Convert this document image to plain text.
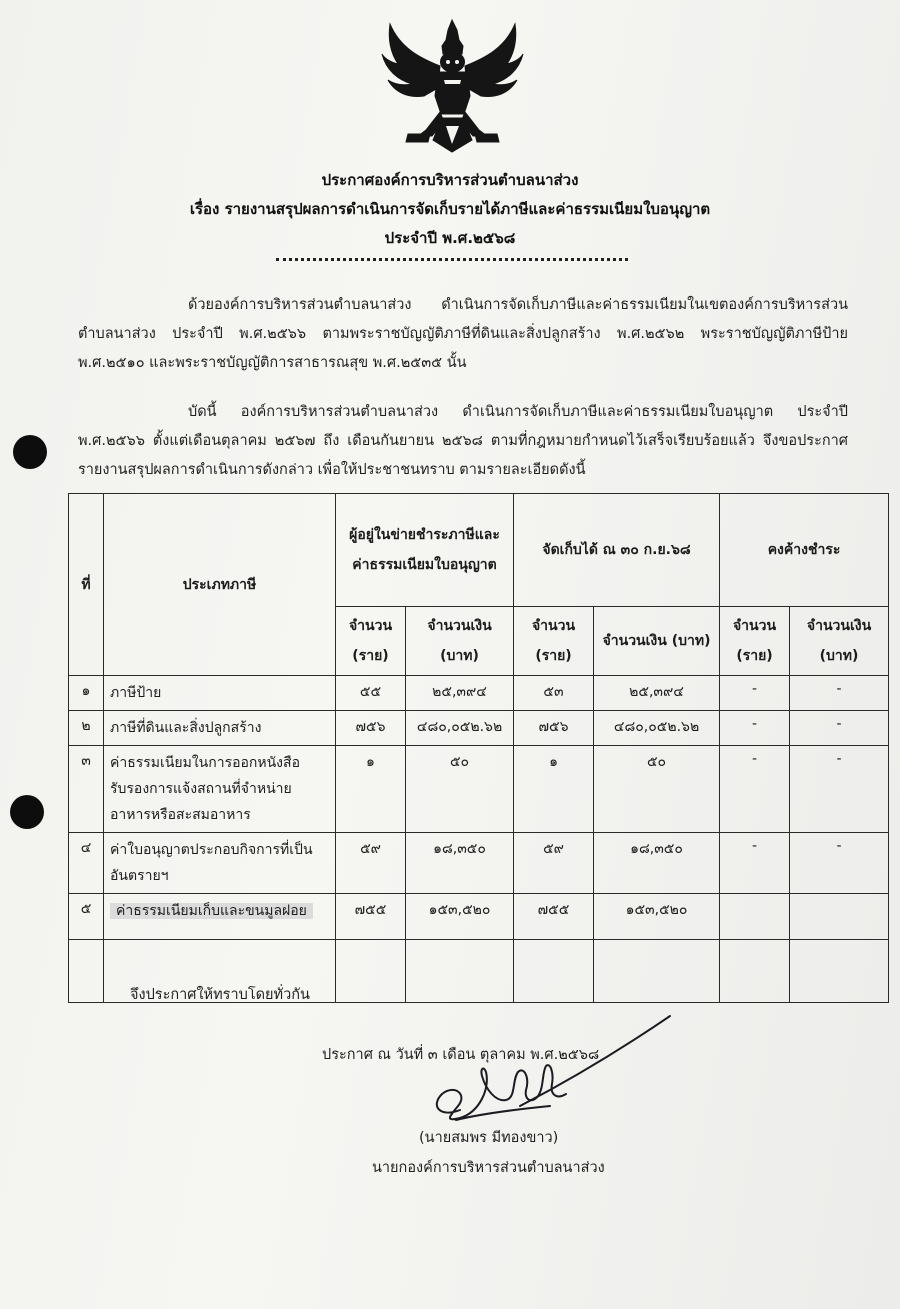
ประกาศองค์การบริหารส่วนตำบลนาส่วง
เรื่อง รายงานสรุปผลการดำเนินการจัดเก็บรายได้ภาษีและค่าธรรมเนียมใบอนุญาต
ประจำปี พ.ศ.๒๕๖๘

ด้วยองค์การบริหารส่วนตำบลนาส่วง ดำเนินการจัดเก็บภาษีและค่าธรรมเนียมในเขตองค์การบริหารส่วนตำบลนาส่วง ประจำปี พ.ศ.๒๕๖๖ ตามพระราชบัญญัติภาษีที่ดินและสิ่งปลูกสร้าง พ.ศ.๒๕๖๒ พระราชบัญญัติภาษีป้าย พ.ศ.๒๕๑๐ และพระราชบัญญัติการสาธารณสุข พ.ศ.๒๕๓๕ นั้น

บัดนี้ องค์การบริหารส่วนตำบลนาส่วง ดำเนินการจัดเก็บภาษีและค่าธรรมเนียมใบอนุญาต ประจำปี พ.ศ.๒๕๖๖ ตั้งแต่เดือนตุลาคม ๒๕๖๗ ถึง เดือนกันยายน ๒๕๖๘ ตามที่กฎหมายกำหนดไว้เสร็จเรียบร้อยแล้ว จึงขอประกาศรายงานสรุปผลการดำเนินการดังกล่าว เพื่อให้ประชาชนทราบ ตามรายละเอียดดังนี้

ที่	ประเภทภาษี	ผู้อยู่ในข่ายชำระภาษีและค่าธรรมเนียมใบอนุญาต		จัดเก็บได้ ณ ๓๐ ก.ย.๖๘		คงค้างชำระ	
		จำนวน (ราย)	จำนวนเงิน (บาท)	จำนวน (ราย)	จำนวนเงิน (บาท)	จำนวน (ราย)	จำนวนเงิน (บาท)
๑	ภาษีป้าย	๕๕	๒๕,๓๙๔	๕๓	๒๕,๓๙๔	-	-
๒	ภาษีที่ดินและสิ่งปลูกสร้าง	๗๕๖	๔๘๐,๐๕๒.๖๒	๗๕๖	๔๘๐,๐๕๒.๖๒	-	-
๓	ค่าธรรมเนียมในการออกหนังสือรับรองการแจ้งสถานที่จำหน่ายอาหารหรือสะสมอาหาร	๑	๕๐	๑	๕๐	-	-
๔	ค่าใบอนุญาตประกอบกิจการที่เป็นอันตรายฯ	๕๙	๑๘,๓๕๐	๕๙	๑๘,๓๕๐	-	-
๕	ค่าธรรมเนียมเก็บและขนมูลฝอย	๗๕๕	๑๕๓,๕๒๐	๗๕๕	๑๕๓,๕๒๐		

จึงประกาศให้ทราบโดยทั่วกัน
ประกาศ ณ วันที่ ๓ เดือน ตุลาคม พ.ศ.๒๕๖๘
(นายสมพร มีทองขาว)
นายกองค์การบริหารส่วนตำบลนาส่วง
